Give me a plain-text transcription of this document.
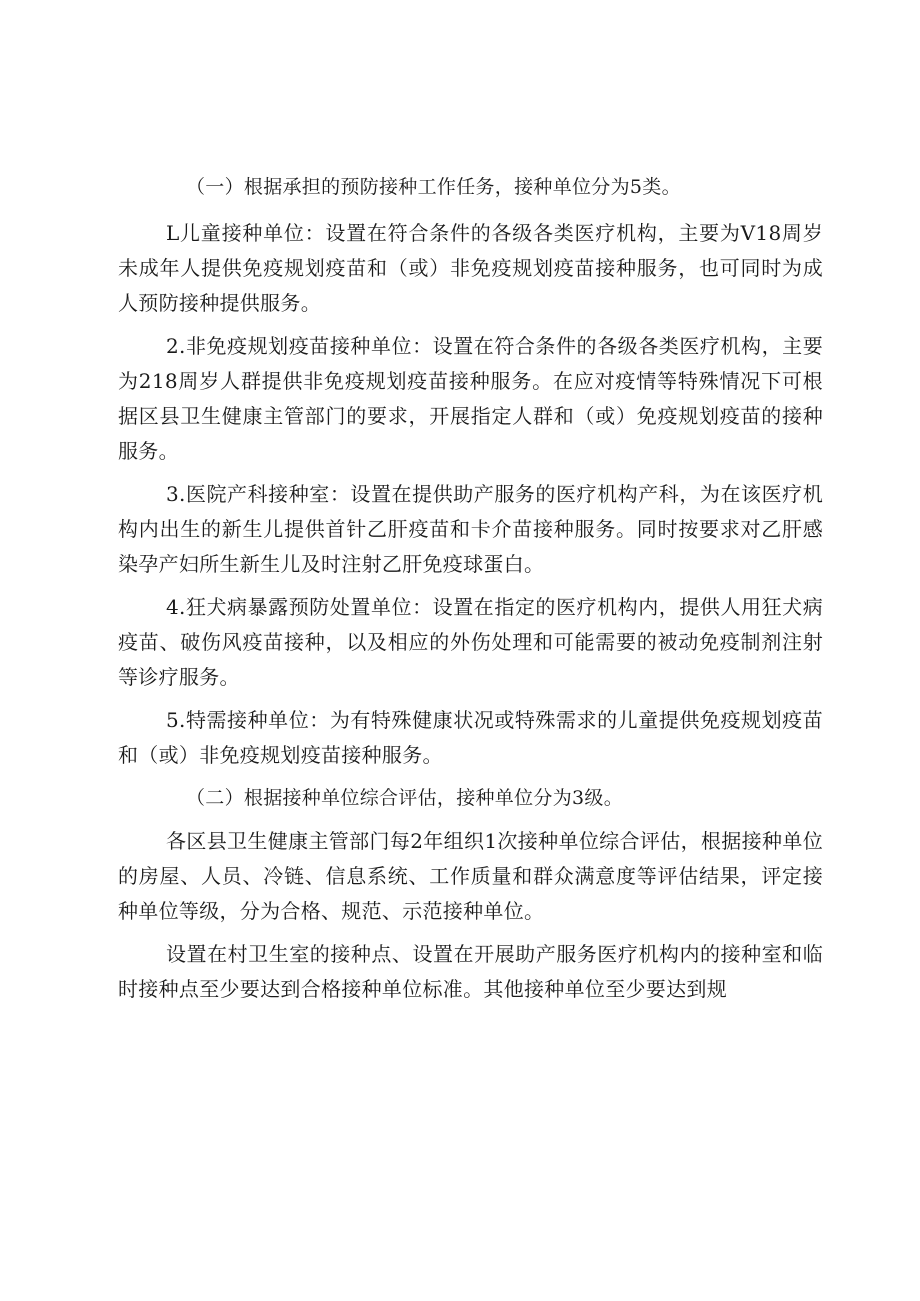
（一）根据承担的预防接种工作任务，接种单位分为5类。

L儿童接种单位：设置在符合条件的各级各类医疗机构，主要为V18周岁未成年人提供免疫规划疫苗和（或）非免疫规划疫苗接种服务，也可同时为成人预防接种提供服务。

2.非免疫规划疫苗接种单位：设置在符合条件的各级各类医疗机构，主要为218周岁人群提供非免疫规划疫苗接种服务。在应对疫情等特殊情况下可根据区县卫生健康主管部门的要求，开展指定人群和（或）免疫规划疫苗的接种服务。

3.医院产科接种室：设置在提供助产服务的医疗机构产科，为在该医疗机构内出生的新生儿提供首针乙肝疫苗和卡介苗接种服务。同时按要求对乙肝感染孕产妇所生新生儿及时注射乙肝免疫球蛋白。

4.狂犬病暴露预防处置单位：设置在指定的医疗机构内，提供人用狂犬病疫苗、破伤风疫苗接种，以及相应的外伤处理和可能需要的被动免疫制剂注射等诊疗服务。

5.特需接种单位：为有特殊健康状况或特殊需求的儿童提供免疫规划疫苗和（或）非免疫规划疫苗接种服务。

（二）根据接种单位综合评估，接种单位分为3级。

各区县卫生健康主管部门每2年组织1次接种单位综合评估，根据接种单位的房屋、人员、冷链、信息系统、工作质量和群众满意度等评估结果，评定接种单位等级，分为合格、规范、示范接种单位。

设置在村卫生室的接种点、设置在开展助产服务医疗机构内的接种室和临时接种点至少要达到合格接种单位标准。其他接种单位至少要达到规
